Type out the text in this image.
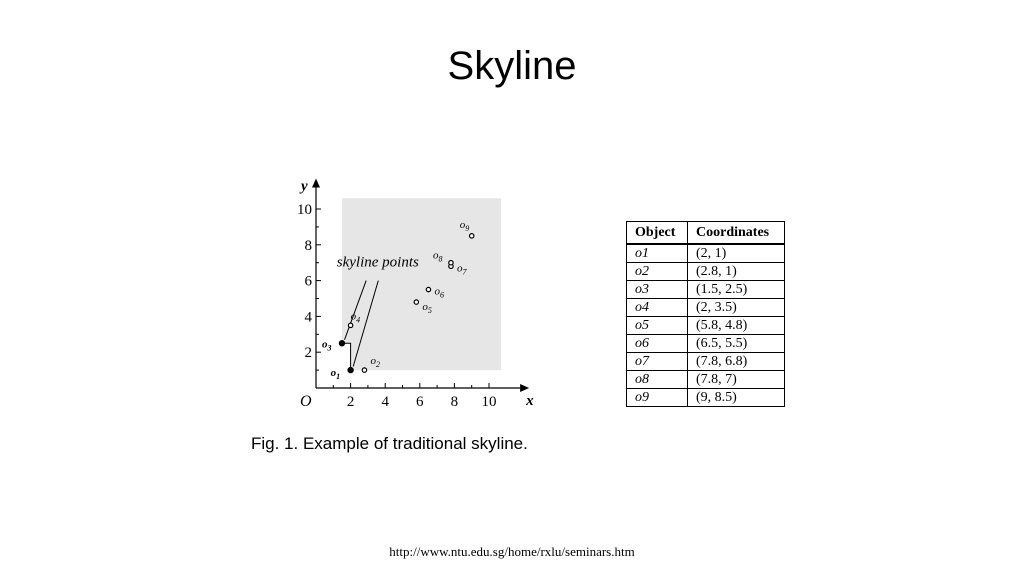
Skyline
2 4 6 8 10
2
4
6
8
10
x
y
O
skyline points
$o_1$
$o_2$
$o_3$
$o_4$
$o_5$
$o_6$
$o_7$
$o_8$
$o_9$
Fig. 1. Example of traditional skyline.
Object	Coordinates
o1	(2, 1)
o2	(2.8, 1)
o3	(1.5, 2.5)
o4	(2, 3.5)
o5	(5.8, 4.8)
o6	(6.5, 5.5)
o7	(7.8, 6.8)
o8	(7.8, 7)
o9	(9, 8.5)
http://www.ntu.edu.sg/home/rxlu/seminars.htm
